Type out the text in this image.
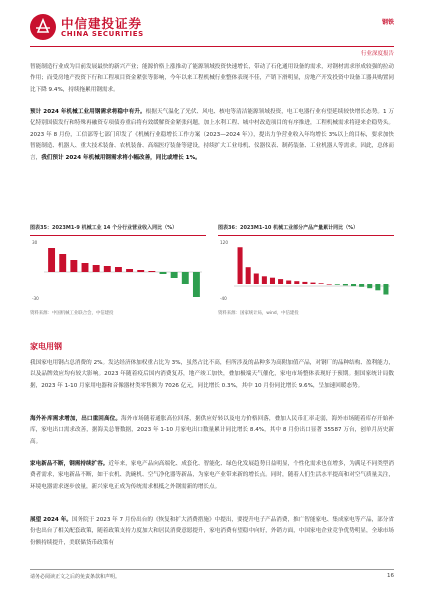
中信建投证券
CHINA SECURITIES
钢铁
行业深度报告
智能制造行业成为目前发展最快的新兴产业；能源价格上涨推动了能源领域投资快速增长，带动了石化通用设备的需求，对钢材需求形成较强的拉动作用；而受房地产投资下行和工程项目资金紧张等影响，今年以来工程机械行业整体表现不佳，产销下滑明显，房地产开发投资中设备工器具购置同比下降 9.4%，持续拖累用钢需求。
预计 2024 年机械工业用钢需求将稳中有升。根据天气温化了光伏、风电、核电等清洁能源领域投资，电工电器行业有望延续较快增长态势。1 万亿特别国债发行和特殊再融资专项债券重启将有效缓解资金紧张问题，加上水利工程、城中村改造项目的有序推进，工程机械需求将迎来企稳势头。2023 年 8 月份，工信部等七部门印发了《机械行业稳增长工作方案（2023—2024 年）》，提出力争营业收入年均增长 3%以上的目标，要求加快智能制造、机器人、重大技术装备、农机装备、高端医疗装备等建设，持续扩大工业母机、仪器仪表、制药装备、工业机器人等需求。因此，总体而言，我们预计 2024 年机械用钢需求将小幅改善，同比或增长 1%。
图表35：2023M1-9 机械工业 14 个分行业营业收入同比（%）
30
-30
资料来源：中国机械工业联合会，中信建投
图表36：2023M1-10 机械工业部分产品产量累计同比（%）
120
-40
资料来源：国家统计局，wind，中信建投
家电用钢
我国家电用钢占总消费的 2%。发达经济体加权重占比为 3%，虽然占比不高，但所涉及的品种多为高附加值产品，对钢厂的品种结构、盈利能力，以及品牌效应均有较大影响。2023 年随着疫后国内消费复苏，地产竣工加快，叠加极端天气催化，家电市场整体表现好于预期。据国家统计局数据，2023 年 1-10 月家用电器和音像器材类零售额为 7026 亿元，同比增长 0.3%，其中 10 月份同比增长 9.6%，呈加速回暖态势。
海外补库需求增加，出口重回高位。海外市场随着通胀高位回落，据供应好转以及电力价格回落，叠加人民币汇率走弱，海外市场随着库存开始补库，家电出口需求改善，据海关总署数据，2023 年 1-10 月家电出口数量累计同比增长 8.4%，其中 8 月份出口显著 35587 万台，创单月历史新高。
家电新品不断，钢需持续扩容。近年来，家电产品向高端化、成套化、智能化、绿色化发展趋势日益明显，个性化需求也在增多，为满足不同类型消费者需求，家电新品不断，如干衣机、洗碗机、空气净化器等新品，为家电产业带来新的增长点。同时，随着人们生活水平提高和对空气质量关注，环境电器需求逐步放量，新兴家电正成为传统需求根柢之外钢需新的增长点。
展望 2024 年。国务院于 2023 年 7 月份出台的《恢复和扩大消费措施》中提出，要提升电子产品消费，推广智能家电、集成家电等产品，部分省份也出台了相关配套政策，随着政策支持力度加大和居民消费意愿提升，家电消费有望稳中向好，外销方面，中国家电企业竞争优势明显，全球市场份额持续提升，美联储货币政策有
请务必阅读正文之后的免责条款和声明。	16
